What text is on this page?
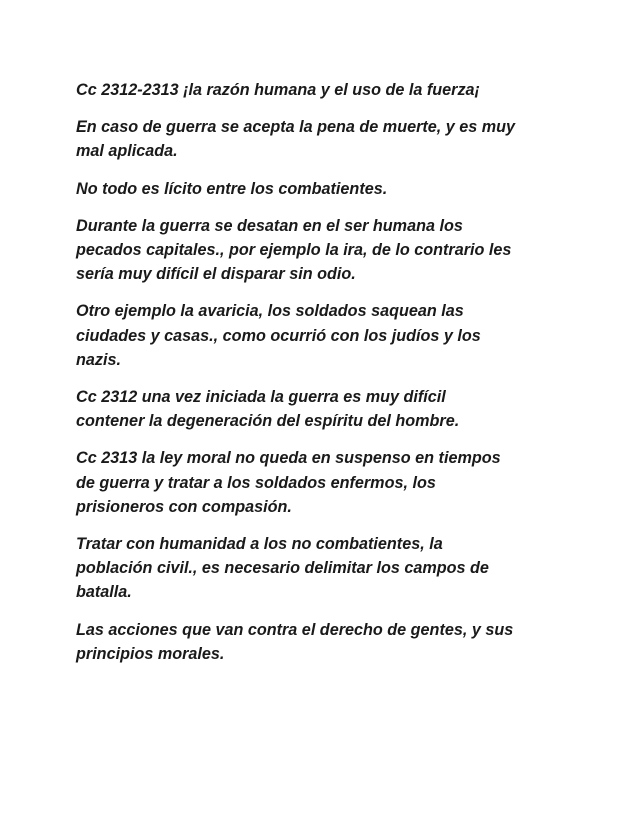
Cc 2312-2313 ¡la razón humana y el uso de la fuerza¡

En caso de guerra se acepta la pena de muerte, y es muy
mal aplicada.

No todo es lícito entre los combatientes.

Durante la guerra se desatan en el ser humana los
pecados capitales., por ejemplo la ira, de lo contrario les
sería muy difícil el disparar sin odio.

Otro ejemplo la avaricia, los soldados saquean las
ciudades y casas., como ocurrió con los judíos y los
nazis.

Cc 2312 una vez iniciada la guerra es muy difícil
contener la degeneración del espíritu del hombre.

Cc 2313 la ley moral no queda en suspenso en tiempos
de guerra y tratar a los soldados enfermos, los
prisioneros con compasión.

Tratar con humanidad a los no combatientes, la
población civil., es necesario delimitar los campos de
batalla.

Las acciones que van contra el derecho de gentes, y sus
principios morales.
